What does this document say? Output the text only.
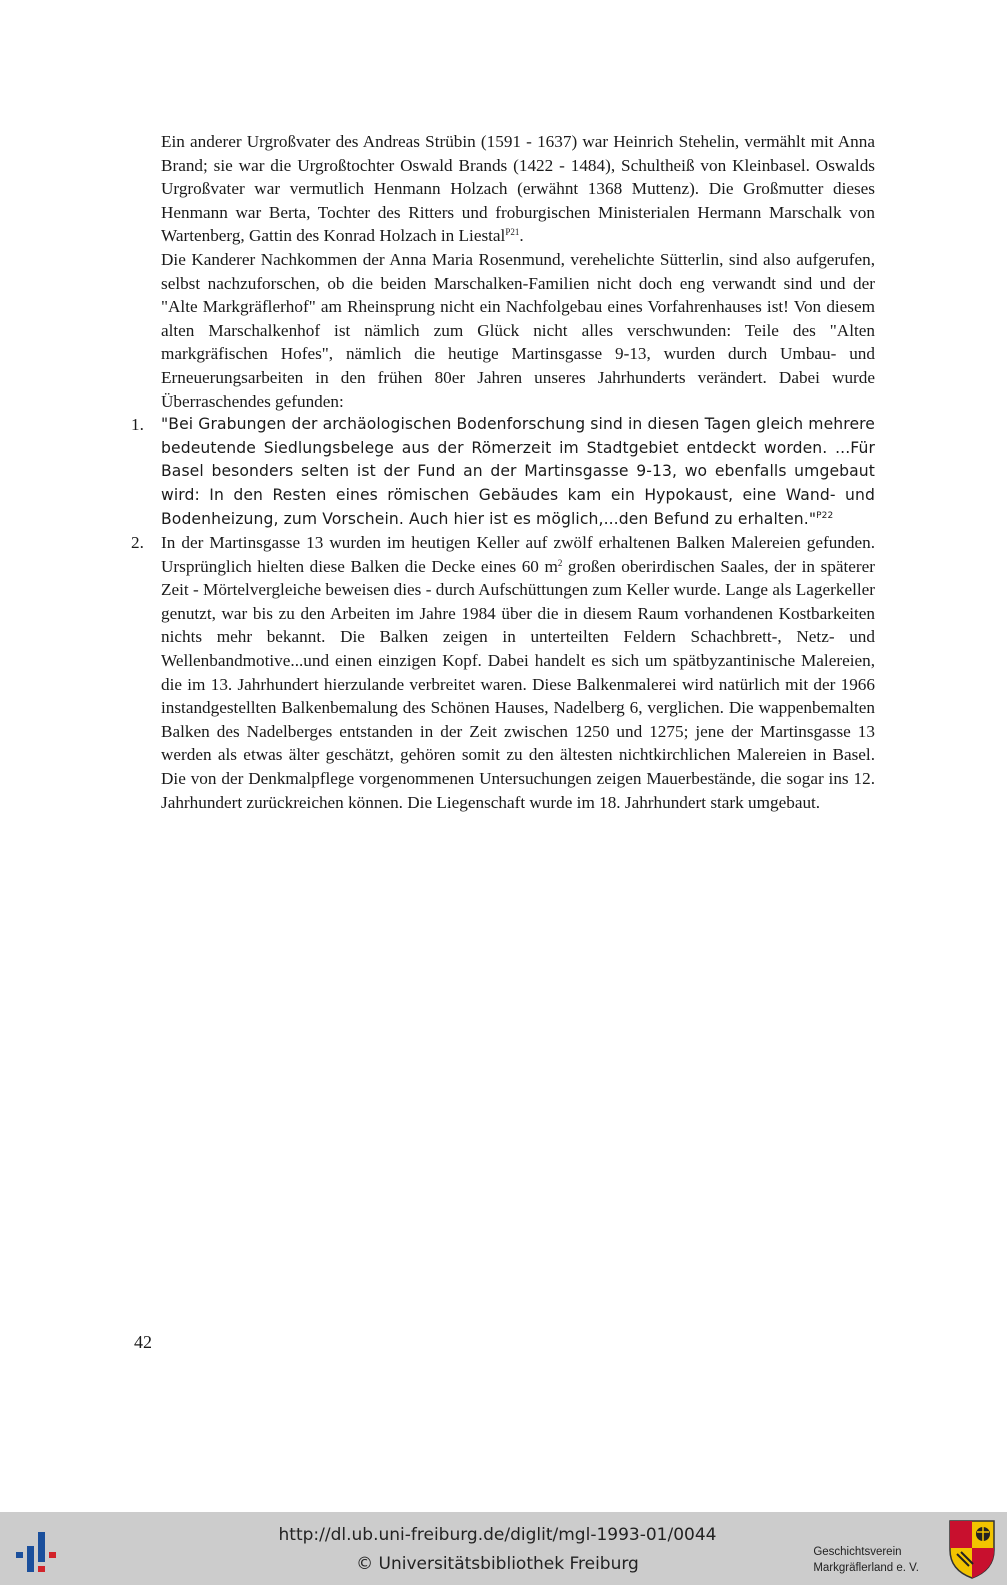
Ein anderer Urgroßvater des Andreas Strübin (1591 - 1637) war Heinrich Stehelin, vermählt mit Anna Brand; sie war die Urgroßtochter Oswald Brands (1422 - 1484), Schultheiß von Kleinbasel. Oswalds Urgroßvater war vermutlich Henmann Holzach (erwähnt 1368 Muttenz). Die Großmutter dieses Henmann war Berta, Tochter des Ritters und froburgischen Ministerialen Hermann Marschalk von Wartenberg, Gattin des Konrad Holzach in Liestal$^{P21}$.

Die Kanderer Nachkommen der Anna Maria Rosenmund, verehelichte Sütterlin, sind also aufgerufen, selbst nachzuforschen, ob die beiden Marschalken-Familien nicht doch eng verwandt sind und der "Alte Markgräflerhof" am Rheinsprung nicht ein Nachfolgebau eines Vorfahrenhauses ist! Von diesem alten Marschalkenhof ist nämlich zum Glück nicht alles verschwunden: Teile des "Alten markgräfischen Hofes", nämlich die heutige Martinsgasse 9-13, wurden durch Umbau- und Erneuerungsarbeiten in den frühen 80er Jahren unseres Jahrhunderts verändert. Dabei wurde Überraschendes gefunden:

1. "Bei Grabungen der archäologischen Bodenforschung sind in diesen Tagen gleich mehrere bedeutende Siedlungsbelege aus der Römerzeit im Stadtgebiet entdeckt worden. ...Für Basel besonders selten ist der Fund an der Martinsgasse 9-13, wo ebenfalls umgebaut wird: In den Resten eines römischen Gebäudes kam ein Hypokaust, eine Wand- und Bodenheizung, zum Vorschein. Auch hier ist es möglich,...den Befund zu erhalten."$^{P22}$

2. In der Martinsgasse 13 wurden im heutigen Keller auf zwölf erhaltenen Balken Malereien gefunden. Ursprünglich hielten diese Balken die Decke eines 60 $m^2$ großen oberirdischen Saales, der in späterer Zeit - Mörtelvergleiche beweisen dies - durch Aufschüttungen zum Keller wurde. Lange als Lagerkeller genutzt, war bis zu den Arbeiten im Jahre 1984 über die in diesem Raum vorhandenen Kostbarkeiten nichts mehr bekannt. Die Balken zeigen in unterteilten Feldern Schachbrett-, Netz- und Wellenbandmotive...und einen einzigen Kopf. Dabei handelt es sich um spätbyzantinische Malereien, die im 13. Jahrhundert hierzulande verbreitet waren. Diese Balkenmalerei wird natürlich mit der 1966 instandgestellten Balkenbemalung des Schönen Hauses, Nadelberg 6, verglichen. Die wappenbemalten Balken des Nadelberges entstanden in der Zeit zwischen 1250 und 1275; jene der Martinsgasse 13 werden als etwas älter geschätzt, gehören somit zu den ältesten nichtkirchlichen Malereien in Basel. Die von der Denkmalpflege vorgenommenen Untersuchungen zeigen Mauerbestände, die sogar ins 12. Jahrhundert zurückreichen können. Die Liegenschaft wurde im 18. Jahrhundert stark umgebaut.

42
http://dl.ub.uni-freiburg.de/diglit/mgl-1993-01/0044
© Universitätsbibliothek Freiburg
Geschichtsverein
Markgräflerland e. V.
